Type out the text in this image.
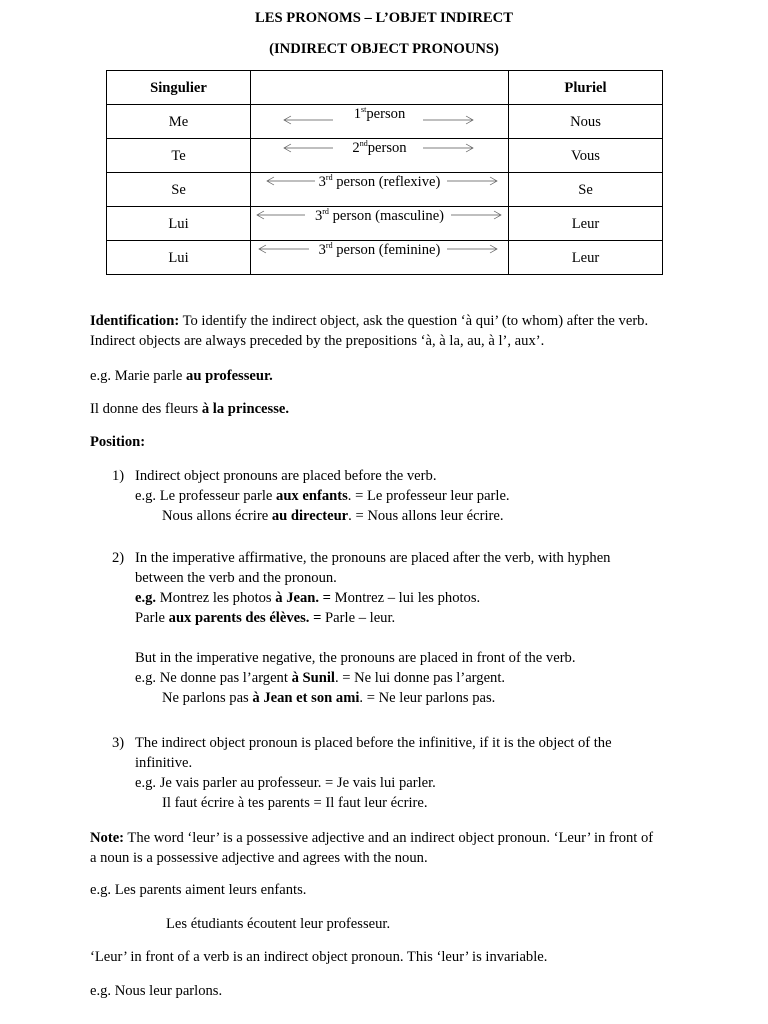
LES PRONOMS – L’OBJET INDIRECT
(INDIRECT OBJECT PRONOUNS)
Singulier		Pluriel
Me	1stperson	Nous
Te	2ndperson	Vous
Se	3rd person (reflexive)	Se
Lui	3rd person (masculine)	Leur
Lui	3rd person (feminine)	Leur
Identification: To identify the indirect object, ask the question ‘à qui’ (to whom) after the verb.
Indirect objects are always preceded by the prepositions ‘à, à la, au, à l’, aux’.
e.g. Marie parle au professeur.
Il donne des fleurs à la princesse.
Position:
1) Indirect object pronouns are placed before the verb.
e.g. Le professeur parle aux enfants. = Le professeur leur parle.
Nous allons écrire au directeur. = Nous allons leur écrire.
2) In the imperative affirmative, the pronouns are placed after the verb, with hyphen
between the verb and the pronoun.
e.g. Montrez les photos à Jean. = Montrez – lui les photos.
Parle aux parents des élèves. = Parle – leur.
But in the imperative negative, the pronouns are placed in front of the verb.
e.g. Ne donne pas l’argent à Sunil. = Ne lui donne pas l’argent.
Ne parlons pas à Jean et son ami. = Ne leur parlons pas.
3) The indirect object pronoun is placed before the infinitive, if it is the object of the
infinitive.
e.g. Je vais parler au professeur. = Je vais lui parler.
Il faut écrire à tes parents = Il faut leur écrire.
Note: The word ‘leur’ is a possessive adjective and an indirect object pronoun. ‘Leur’ in front of
a noun is a possessive adjective and agrees with the noun.
e.g. Les parents aiment leurs enfants.
Les étudiants écoutent leur professeur.
‘Leur’ in front of a verb is an indirect object pronoun. This ‘leur’ is invariable.
e.g. Nous leur parlons.
